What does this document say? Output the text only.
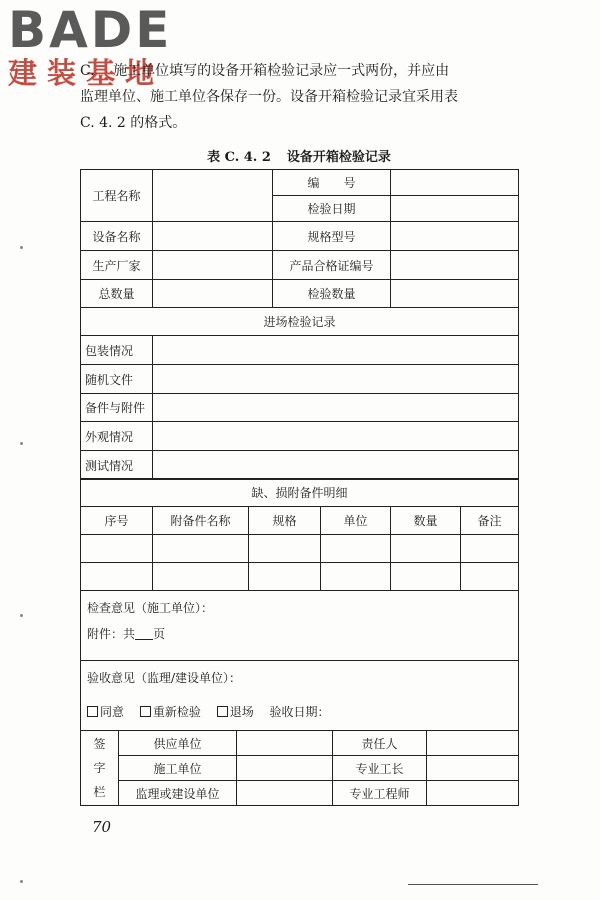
BADE
建装基地

C. 　施工单位填写的设备开箱检验记录应一式两份，并应由

监理单位、施工单位各保存一份。设备开箱检验记录宜采用表

C. 4. 2 的格式。

表 C. 4. 2 设备开箱检验记录
工程名称		编　　号	
		检验日期	
设备名称		规格型号	
生产厂家		产品合格证编号	
总数量		检验数量	
进场检验记录			
包装情况			
随机文件			
备件与附件			
外观情况			
测试情况			
缺、损附备件明细					
序号	附备件名称	规格	单位	数量	备注

检查意见（施工单位）：
附件：共 页					

验收意见（监理/建设单位）：
同意 重新检验 退场 验收日期：					
签
字
栏	供应单位		责任人	
	施工单位		专业工长	
	监理或建设单位		专业工程师	
70
